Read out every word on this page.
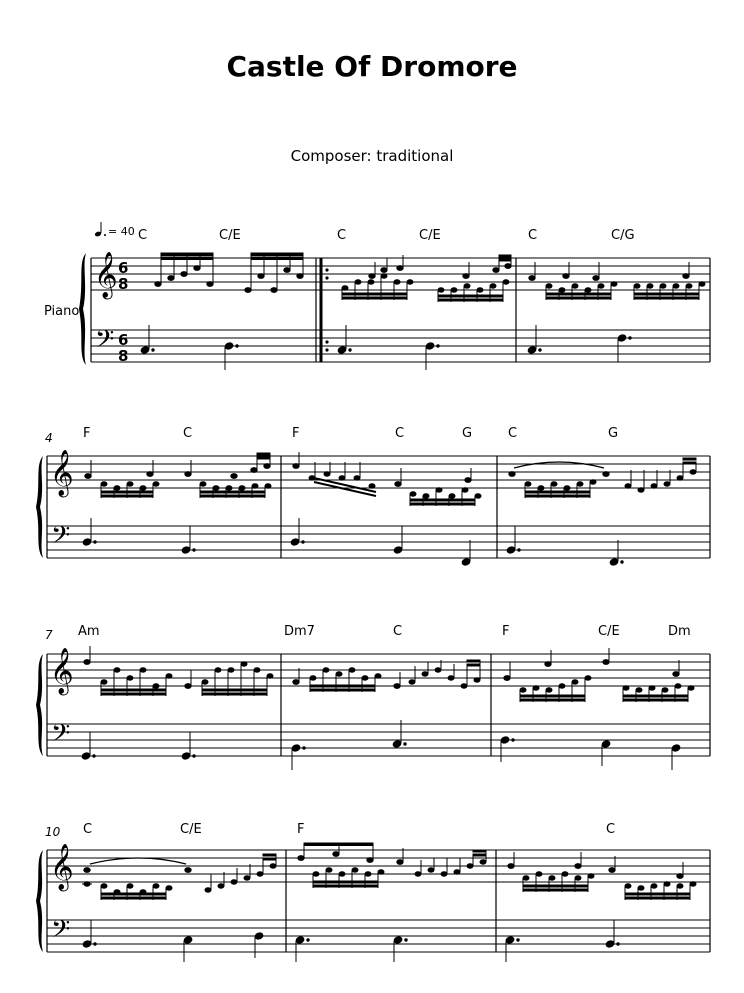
Castle Of Dromore
Composer: traditional
= 40 C	C/E	C	C/E	C	C/G
Piano
𝄞
𝄢
6
8
6
8
4 F	C	F	C	G	C	G
𝄞
𝄢
7 Am	Dm7	C	F	C/E	Dm
𝄞
𝄢
10 C	C/E	F	C
𝄞
𝄢
